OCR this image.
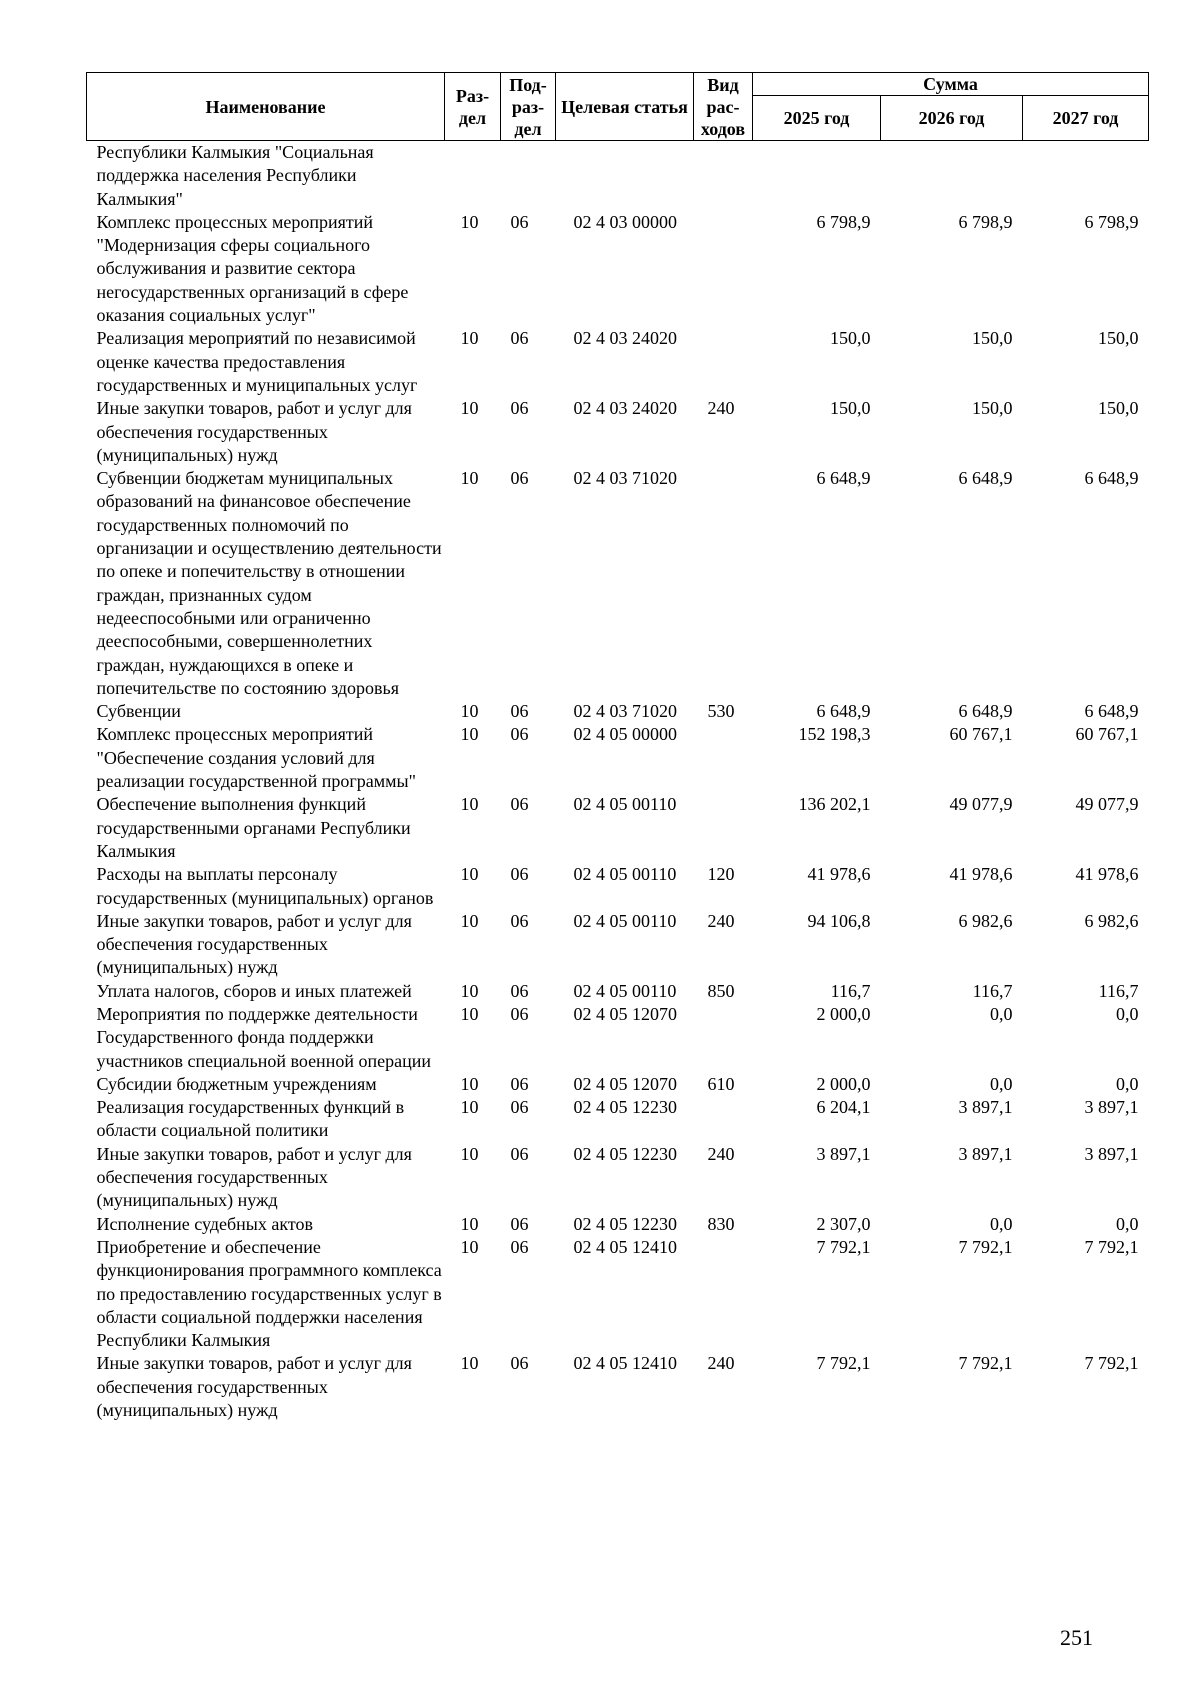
Наименование	Раз-дел	Под-раз-дел	Целевая статья	Вид рас-ходов	Сумма		
					2025 год	2026 год	2027 год
Республики Калмыкия "Социальная поддержка населения Республики Калмыкия"							
Комплекс процессных мероприятий "Модернизация сферы социального обслуживания и развитие сектора негосударственных организаций в сфере оказания социальных услуг"	10	06	02 4 03 00000		6 798,9	6 798,9	6 798,9
Реализация мероприятий по независимой оценке качества предоставления государственных и муниципальных услуг	10	06	02 4 03 24020		150,0	150,0	150,0
Иные закупки товаров, работ и услуг для обеспечения государственных (муниципальных) нужд	10	06	02 4 03 24020	240	150,0	150,0	150,0
Субвенции бюджетам муниципальных образований на финансовое обеспечение государственных полномочий по организации и осуществлению деятельности по опеке и попечительству в отношении граждан, признанных судом недееспособными или ограниченно дееспособными, совершеннолетних граждан, нуждающихся в опеке и попечительстве по состоянию здоровья	10	06	02 4 03 71020		6 648,9	6 648,9	6 648,9
Субвенции	10	06	02 4 03 71020	530	6 648,9	6 648,9	6 648,9
Комплекс процессных мероприятий "Обеспечение создания условий для реализации государственной программы"	10	06	02 4 05 00000		152 198,3	60 767,1	60 767,1
Обеспечение выполнения функций государственными органами Республики Калмыкия	10	06	02 4 05 00110		136 202,1	49 077,9	49 077,9
Расходы на выплаты персоналу государственных (муниципальных) органов	10	06	02 4 05 00110	120	41 978,6	41 978,6	41 978,6
Иные закупки товаров, работ и услуг для обеспечения государственных (муниципальных) нужд	10	06	02 4 05 00110	240	94 106,8	6 982,6	6 982,6
Уплата налогов, сборов и иных платежей	10	06	02 4 05 00110	850	116,7	116,7	116,7
Мероприятия по поддержке деятельности Государственного фонда поддержки участников специальной военной операции	10	06	02 4 05 12070		2 000,0	0,0	0,0
Субсидии бюджетным учреждениям	10	06	02 4 05 12070	610	2 000,0	0,0	0,0
Реализация государственных функций в области социальной политики	10	06	02 4 05 12230		6 204,1	3 897,1	3 897,1
Иные закупки товаров, работ и услуг для обеспечения государственных (муниципальных) нужд	10	06	02 4 05 12230	240	3 897,1	3 897,1	3 897,1
Исполнение судебных актов	10	06	02 4 05 12230	830	2 307,0	0,0	0,0
Приобретение и обеспечение функционирования программного комплекса по предоставлению государственных услуг в области социальной поддержки населения Республики Калмыкия	10	06	02 4 05 12410		7 792,1	7 792,1	7 792,1
Иные закупки товаров, работ и услуг для обеспечения государственных (муниципальных) нужд	10	06	02 4 05 12410	240	7 792,1	7 792,1	7 792,1
251
